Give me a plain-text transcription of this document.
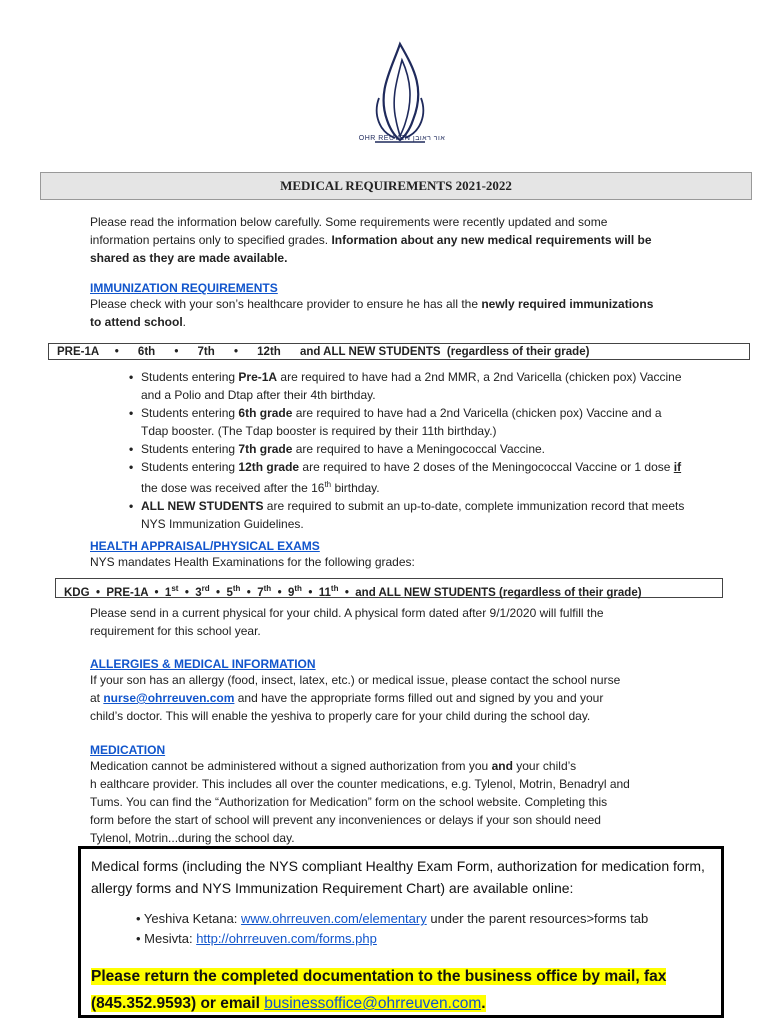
OHR REUVEN אור ראובן
MEDICAL REQUIREMENTS 2021-2022
Please read the information below carefully. Some requirements were recently updated and some
information pertains only to specified grades. Information about any new medical requirements will be
shared as they are made available.
IMMUNIZATION REQUIREMENTS
Please check with your son’s healthcare provider to ensure he has all the newly required immunizations
to attend school.
PRE-1A     •      6th      •      7th      •      12th      and ALL NEW STUDENTS  (regardless of their grade)
• Students entering Pre-1A are required to have had a 2nd MMR, a 2nd Varicella (chicken pox) Vaccine and a Polio and Dtap after their 4th birthday.
• Students entering 6th grade are required to have had a 2nd Varicella (chicken pox) Vaccine and a Tdap booster. (The Tdap booster is required by their 11th birthday.)
• Students entering 7th grade are required to have a Meningococcal Vaccine.
• Students entering 12th grade are required to have 2 doses of the Meningococcal Vaccine or 1 dose if the dose was received after the 16th birthday.
• ALL NEW STUDENTS are required to submit an up-to-date, complete immunization record that meets NYS Immunization Guidelines.
HEALTH APPRAISAL/PHYSICAL EXAMS
NYS mandates Health Examinations for the following grades:
KDG  •  PRE-1A  •  1st  •  3rd  •  5th  •  7th  •  9th  •  11th  •  and ALL NEW STUDENTS (regardless of their grade)
Please send in a current physical for your child. A physical form dated after 9/1/2020 will fulfill the
requirement for this school year.
ALLERGIES & MEDICAL INFORMATION
If your son has an allergy (food, insect, latex, etc.) or medical issue, please contact the school nurse
at nurse@ohrreuven.com and have the appropriate forms filled out and signed by you and your
child’s doctor. This will enable the yeshiva to properly care for your child during the school day.
MEDICATION
Medication cannot be administered without a signed authorization from you and your child’s
h ealthcare provider. This includes all over the counter medications, e.g. Tylenol, Motrin, Benadryl and
Tums. You can find the “Authorization for Medication” form on the school website. Completing this
form before the start of school will prevent any inconveniences or delays if your son should need
Tylenol, Motrin...during the school day.
Medical forms (including the NYS compliant Healthy Exam Form, authorization for medication form, allergy forms and NYS Immunization Requirement Chart) are available online:
• Yeshiva Ketana: www.ohrreuven.com/elementary under the parent resources>forms tab
• Mesivta: http://ohrreuven.com/forms.php
Please return the completed documentation to the business office by mail, fax
(845.352.9593) or email businessoffice@ohrreuven.com.
